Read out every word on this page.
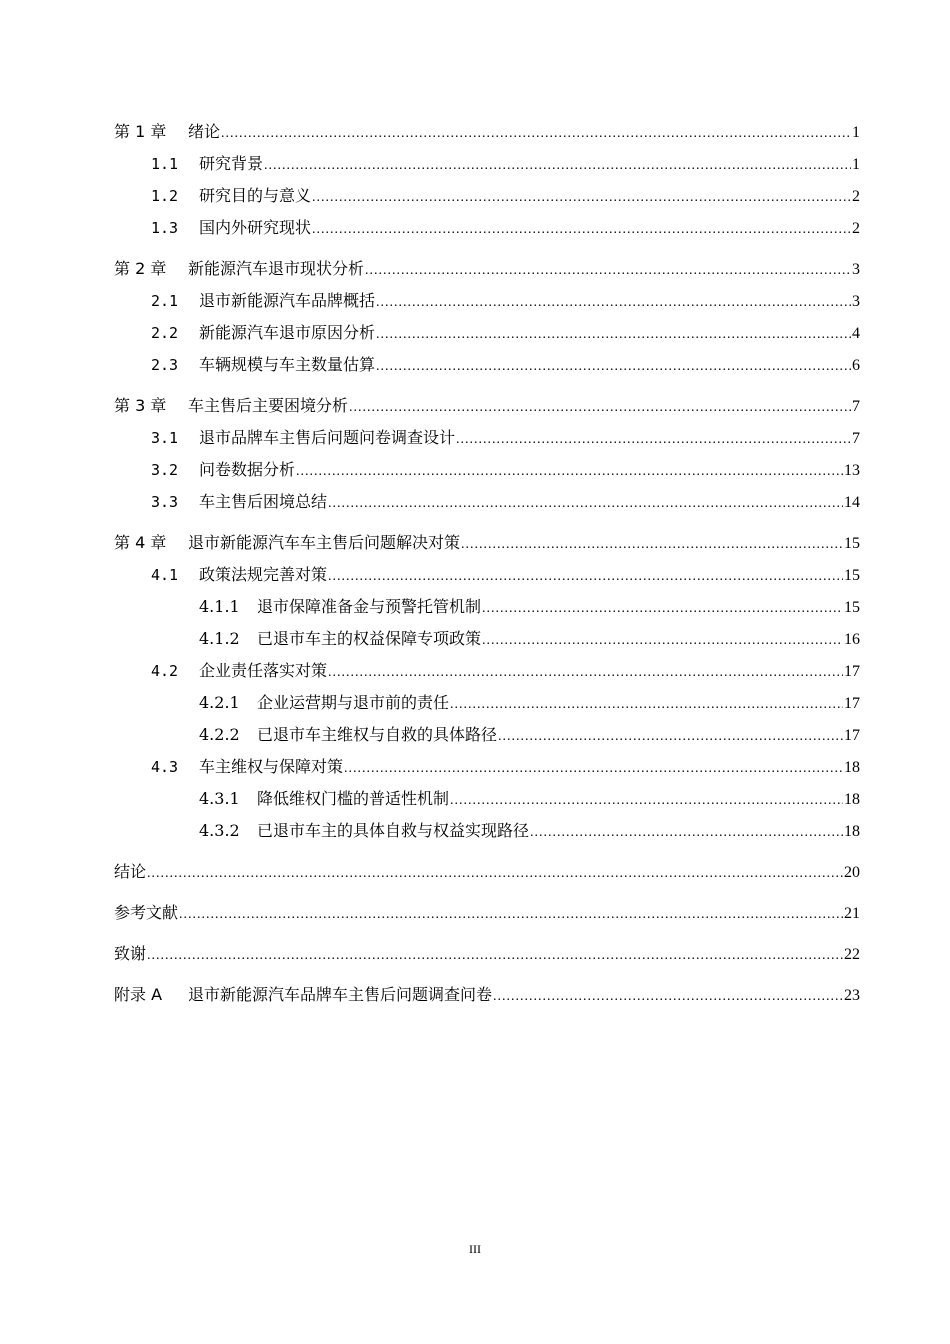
第 1 章	绪论 .....	1
1.1	研究背景 .....	1
1.2	研究目的与意义 .....	2
1.3	国内外研究现状 .....	2
第 2 章	新能源汽车退市现状分析 .....	3
2.1	退市新能源汽车品牌概括 .....	3
2.2	新能源汽车退市原因分析 .....	4
2.3	车辆规模与车主数量估算 .....	6
第 3 章	车主售后主要困境分析 .....	7
3.1	退市品牌车主售后问题问卷调查设计 .....	7
3.2	问卷数据分析 .....	13
3.3	车主售后困境总结 .....	14
第 4 章	退市新能源汽车车主售后问题解决对策 .....	15
4.1	政策法规完善对策 .....	15
4.1.1	退市保障准备金与预警托管机制 .....	15
4.1.2	已退市车主的权益保障专项政策 .....	16
4.2	企业责任落实对策 .....	17
4.2.1	企业运营期与退市前的责任 .....	17
4.2.2	已退市车主维权与自救的具体路径 .....	17
4.3	车主维权与保障对策 .....	18
4.3.1	降低维权门槛的普适性机制 .....	18
4.3.2	已退市车主的具体自救与权益实现路径 .....	18
结论 .....	20
参考文献 .....	21
致谢 .....	22
附录 A	退市新能源汽车品牌车主售后问题调查问卷 .....	23
III
